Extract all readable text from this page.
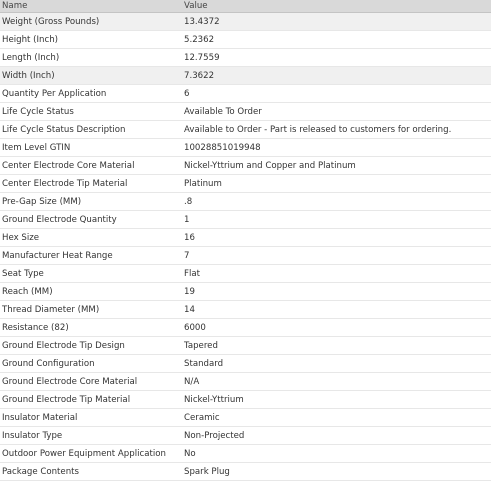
Name	Value
Weight (Gross Pounds)	13.4372
Height (Inch)	5.2362
Length (Inch)	12.7559
Width (Inch)	7.3622
Quantity Per Application	6
Life Cycle Status	Available To Order
Life Cycle Status Description	Available to Order - Part is released to customers for ordering.
Item Level GTIN	10028851019948
Center Electrode Core Material	Nickel-Yttrium and Copper and Platinum
Center Electrode Tip Material	Platinum
Pre-Gap Size (MM)	.8
Ground Electrode Quantity	1
Hex Size	16
Manufacturer Heat Range	7
Seat Type	Flat
Reach (MM)	19
Thread Diameter (MM)	14
Resistance (82)	6000
Ground Electrode Tip Design	Tapered
Ground Configuration	Standard
Ground Electrode Core Material	N/A
Ground Electrode Tip Material	Nickel-Yttrium
Insulator Material	Ceramic
Insulator Type	Non-Projected
Outdoor Power Equipment Application	No
Package Contents	Spark Plug
